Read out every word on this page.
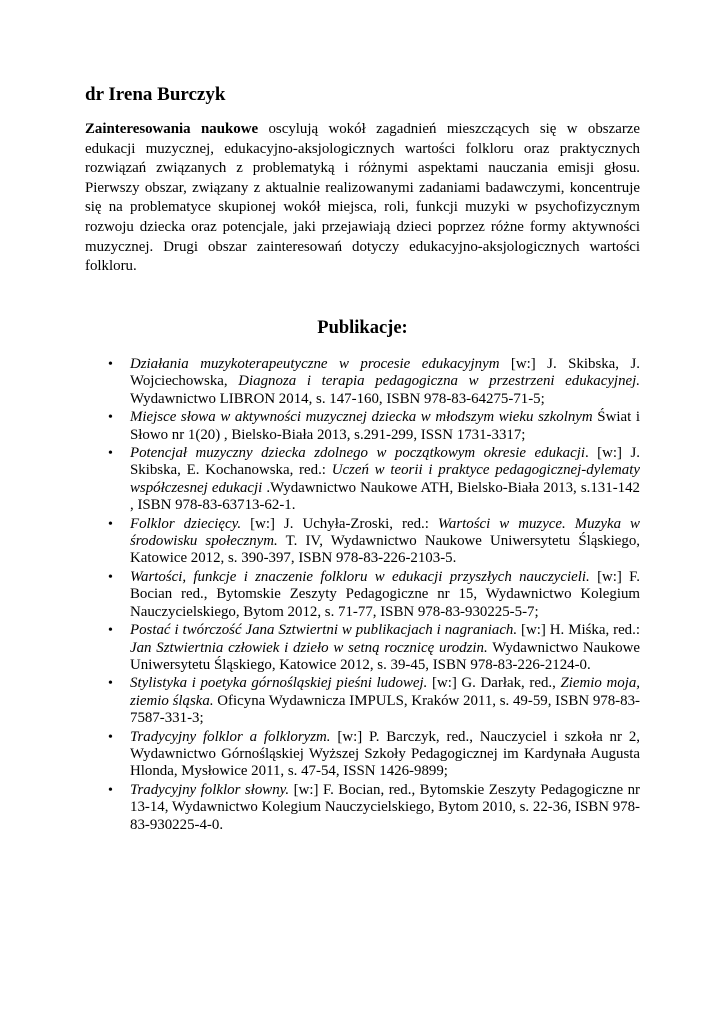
dr Irena Burczyk

Zainteresowania naukowe oscylują wokół zagadnień mieszczących się w obszarze edukacji muzycznej, edukacyjno-aksjologicznych wartości folkloru oraz praktycznych rozwiązań związanych z problematyką i różnymi aspektami nauczania emisji głosu. Pierwszy obszar, związany z aktualnie realizowanymi zadaniami badawczymi, koncentruje się na problematyce skupionej wokół miejsca, roli, funkcji muzyki w psychofizycznym rozwoju dziecka oraz potencjale, jaki przejawiają dzieci poprzez różne formy aktywności muzycznej. Drugi obszar zainteresowań dotyczy edukacyjno-aksjologicznych wartości folkloru.

Publikacje:
• Działania muzykoterapeutyczne w procesie edukacyjnym [w:] J. Skibska, J. Wojciechowska, Diagnoza i terapia pedagogiczna w przestrzeni edukacyjnej. Wydawnictwo LIBRON 2014, s. 147-160, ISBN 978-83-64275-71-5;
• Miejsce słowa w aktywności muzycznej dziecka w młodszym wieku szkolnym Świat i Słowo nr 1(20) , Bielsko-Biała 2013, s.291-299, ISSN 1731-3317;
• Potencjał muzyczny dziecka zdolnego w początkowym okresie edukacji. [w:] J. Skibska, E. Kochanowska, red.: Uczeń w teorii i praktyce pedagogicznej-dylematy współczesnej edukacji .Wydawnictwo Naukowe ATH, Bielsko-Biała 2013, s.131-142 , ISBN 978-83-63713-62-1.
• Folklor dziecięcy. [w:] J. Uchyła-Zroski, red.: Wartości w muzyce. Muzyka w środowisku społecznym. T. IV, Wydawnictwo Naukowe Uniwersytetu Śląskiego, Katowice 2012, s. 390-397, ISBN 978-83-226-2103-5.
• Wartości, funkcje i znaczenie folkloru w edukacji przyszłych nauczycieli. [w:] F. Bocian red., Bytomskie Zeszyty Pedagogiczne nr 15, Wydawnictwo Kolegium Nauczycielskiego, Bytom 2012, s. 71-77, ISBN 978-83-930225-5-7;
• Postać i twórczość Jana Sztwiertni w publikacjach i nagraniach. [w:] H. Miśka, red.: Jan Sztwiertnia człowiek i dzieło w setną rocznicę urodzin. Wydawnictwo Naukowe Uniwersytetu Śląskiego, Katowice 2012, s. 39-45, ISBN 978-83-226-2124-0.
• Stylistyka i poetyka górnośląskiej pieśni ludowej. [w:] G. Darłak, red., Ziemio moja, ziemio śląska. Oficyna Wydawnicza IMPULS, Kraków 2011, s. 49-59, ISBN 978-83-7587-331-3;
• Tradycyjny folklor a folkloryzm. [w:] P. Barczyk, red., Nauczyciel i szkoła nr 2, Wydawnictwo Górnośląskiej Wyższej Szkoły Pedagogicznej im Kardynała Augusta Hlonda, Mysłowice 2011, s. 47-54, ISSN 1426-9899;
• Tradycyjny folklor słowny. [w:] F. Bocian, red., Bytomskie Zeszyty Pedagogiczne nr 13-14, Wydawnictwo Kolegium Nauczycielskiego, Bytom 2010, s. 22-36, ISBN 978-83-930225-4-0.
